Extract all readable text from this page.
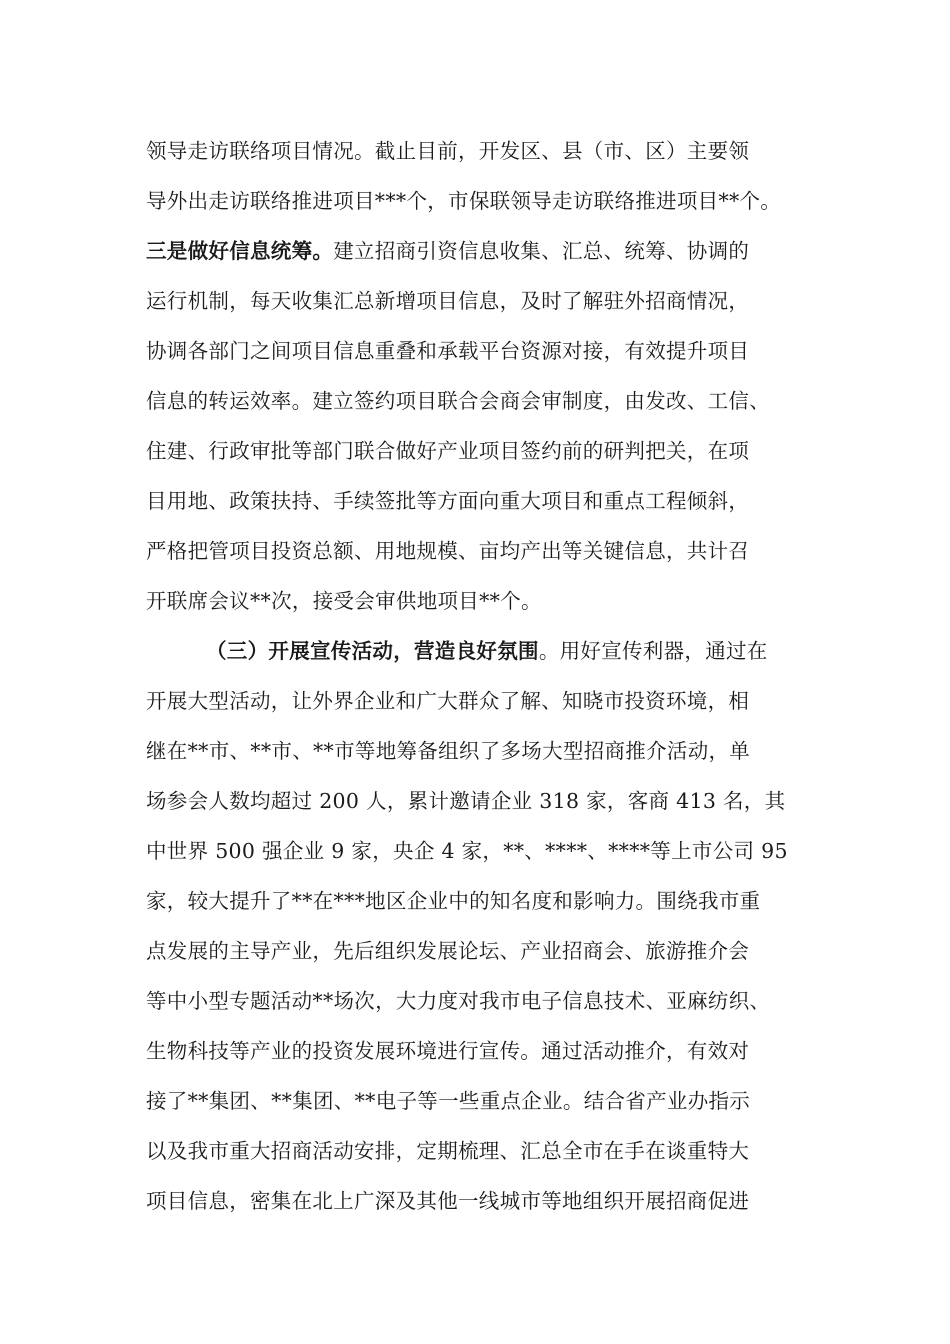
领导走访联络项目情况。截止目前，开发区、县（市、区）主要领
导外出走访联络推进项目***个，市保联领导走访联络推进项目**个。
三是做好信息统筹。建立招商引资信息收集、汇总、统筹、协调的
运行机制，每天收集汇总新增项目信息，及时了解驻外招商情况，
协调各部门之间项目信息重叠和承载平台资源对接，有效提升项目
信息的转运效率。建立签约项目联合会商会审制度，由发改、工信、
住建、行政审批等部门联合做好产业项目签约前的研判把关，在项
目用地、政策扶持、手续签批等方面向重大项目和重点工程倾斜，
严格把管项目投资总额、用地规模、亩均产出等关键信息，共计召
开联席会议**次，接受会审供地项目**个。
（三）开展宣传活动，营造良好氛围。用好宣传利器，通过在
开展大型活动，让外界企业和广大群众了解、知晓市投资环境，相
继在**市、**市、**市等地筹备组织了多场大型招商推介活动，单
场参会人数均超过 200 人，累计邀请企业 318 家，客商 413 名，其
中世界 500 强企业 9 家，央企 4 家，**、****、****等上市公司 95
家，较大提升了**在***地区企业中的知名度和影响力。围绕我市重
点发展的主导产业，先后组织发展论坛、产业招商会、旅游推介会
等中小型专题活动**场次，大力度对我市电子信息技术、亚麻纺织、
生物科技等产业的投资发展环境进行宣传。通过活动推介，有效对
接了**集团、**集团、**电子等一些重点企业。结合省产业办指示
以及我市重大招商活动安排，定期梳理、汇总全市在手在谈重特大
项目信息，密集在北上广深及其他一线城市等地组织开展招商促进
